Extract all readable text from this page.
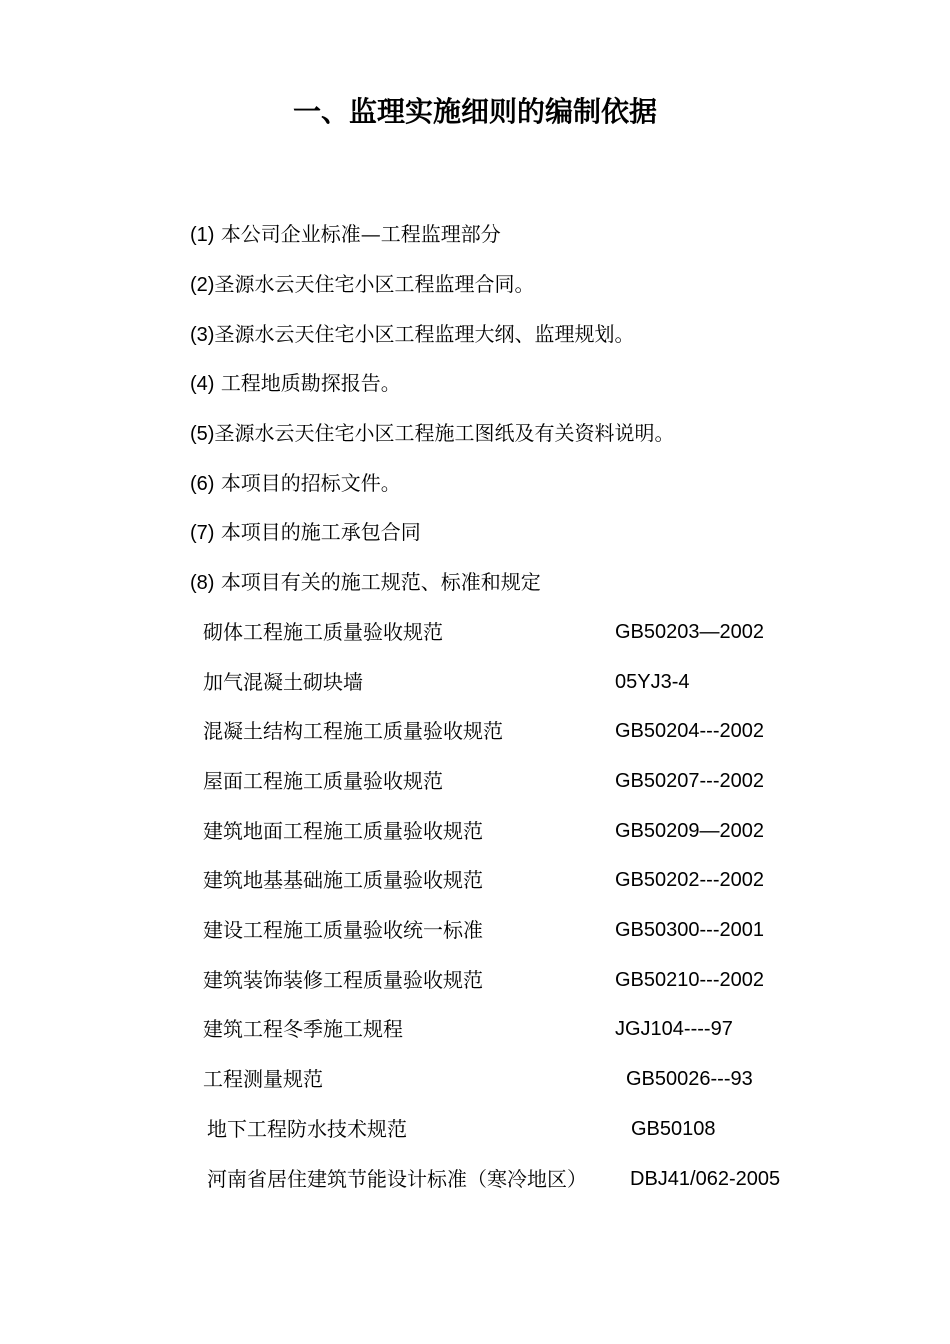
一、监理实施细则的编制依据
(1) 本公司企业标准—工程监理部分
(2)圣源水云天住宅小区工程监理合同。
(3)圣源水云天住宅小区工程监理大纲、监理规划。
(4) 工程地质勘探报告。
(5)圣源水云天住宅小区工程施工图纸及有关资料说明。
(6) 本项目的招标文件。
(7) 本项目的施工承包合同
(8) 本项目有关的施工规范、标准和规定
砌体工程施工质量验收规范	GB50203—2002
加气混凝土砌块墙	05YJ3-4
混凝土结构工程施工质量验收规范	GB50204---2002
屋面工程施工质量验收规范	GB50207---2002
建筑地面工程施工质量验收规范	GB50209—2002
建筑地基基础施工质量验收规范	GB50202---2002
建设工程施工质量验收统一标准	GB50300---2001
建筑装饰装修工程质量验收规范	GB50210---2002
建筑工程冬季施工规程	JGJ104----97
工程测量规范	GB50026---93
地下工程防水技术规范	GB50108
河南省居住建筑节能设计标准（寒冷地区） DBJ41/062-2005
